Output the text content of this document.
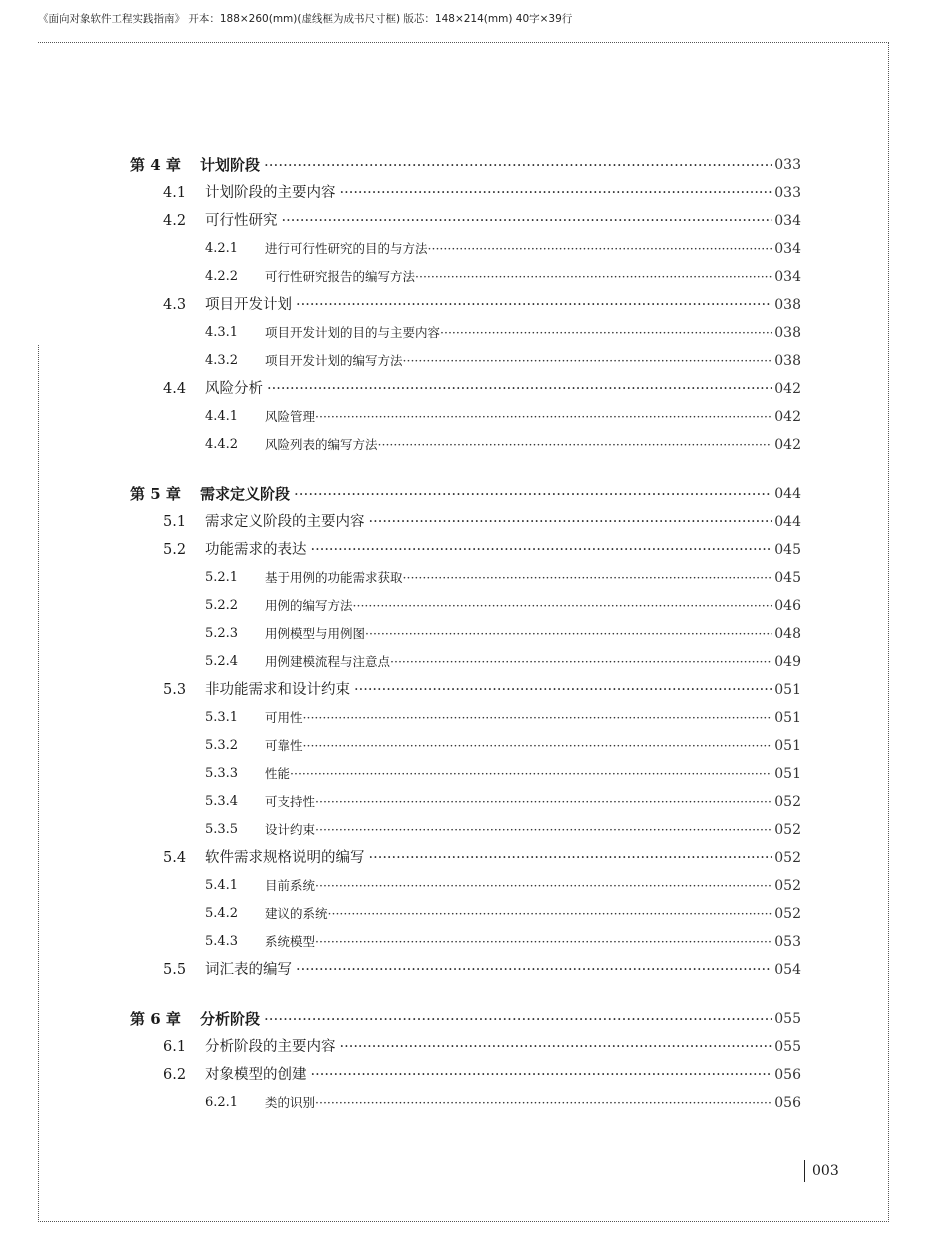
《面向对象软件工程实践指南》 开本：188×260(mm)(虚线框为成书尺寸框) 版芯：148×214(mm) 40字×39行
第 4 章	计划阶段 ·····	033
4.1	计划阶段的主要内容 ·····	033
4.2	可行性研究 ·····	034
4.2.1	进行可行性研究的目的与方法 ·····	034
4.2.2	可行性研究报告的编写方法 ·····	034
4.3	项目开发计划 ·····	038
4.3.1	项目开发计划的目的与主要内容 ·····	038
4.3.2	项目开发计划的编写方法 ·····	038
4.4	风险分析 ·····	042
4.4.1	风险管理 ·····	042
4.4.2	风险列表的编写方法 ·····	042
第 5 章	需求定义阶段 ·····	044
5.1	需求定义阶段的主要内容 ·····	044
5.2	功能需求的表达 ·····	045
5.2.1	基于用例的功能需求获取 ·····	045
5.2.2	用例的编写方法 ·····	046
5.2.3	用例模型与用例图 ·····	048
5.2.4	用例建模流程与注意点 ·····	049
5.3	非功能需求和设计约束 ·····	051
5.3.1	可用性 ·····	051
5.3.2	可靠性 ·····	051
5.3.3	性能 ·····	051
5.3.4	可支持性 ·····	052
5.3.5	设计约束 ·····	052
5.4	软件需求规格说明的编写 ·····	052
5.4.1	目前系统 ·····	052
5.4.2	建议的系统 ·····	052
5.4.3	系统模型 ·····	053
5.5	词汇表的编写 ·····	054
第 6 章	分析阶段 ·····	055
6.1	分析阶段的主要内容 ·····	055
6.2	对象模型的创建 ·····	056
6.2.1	类的识别 ·····	056
003
